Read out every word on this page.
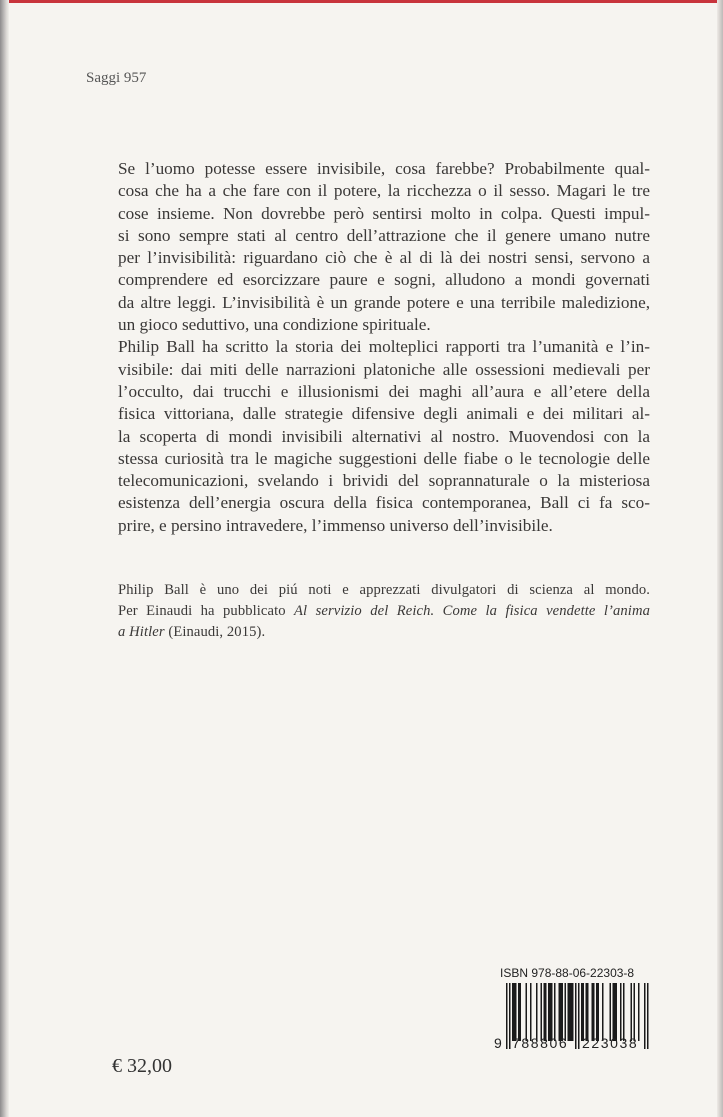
Saggi 957
Se l’uomo potesse essere invisibile, cosa farebbe? Probabilmente qual-
cosa che ha a che fare con il potere, la ricchezza o il sesso. Magari le tre
cose insieme. Non dovrebbe però sentirsi molto in colpa. Questi impul-
si sono sempre stati al centro dell’attrazione che il genere umano nutre
per l’invisibilità: riguardano ciò che è al di là dei nostri sensi, servono a
comprendere ed esorcizzare paure e sogni, alludono a mondi governati
da altre leggi. L’invisibilità è un grande potere e una terribile maledizione,
un gioco seduttivo, una condizione spirituale.
Philip Ball ha scritto la storia dei molteplici rapporti tra l’umanità e l’in-
visibile: dai miti delle narrazioni platoniche alle ossessioni medievali per
l’occulto, dai trucchi e illusionismi dei maghi all’aura e all’etere della
fisica vittoriana, dalle strategie difensive degli animali e dei militari al-
la scoperta di mondi invisibili alternativi al nostro. Muovendosi con la
stessa curiosità tra le magiche suggestioni delle fiabe o le tecnologie delle
telecomunicazioni, svelando i brividi del soprannaturale o la misteriosa
esistenza dell’energia oscura della fisica contemporanea, Ball ci fa sco-
prire, e persino intravedere, l’immenso universo dell’invisibile.
Philip Ball è uno dei piú noti e apprezzati divulgatori di scienza al mondo.
Per Einaudi ha pubblicato Al servizio del Reich. Come la fisica vendette l’anima
a Hitler (Einaudi, 2015).
€ 32,00
ISBN 978-88-06-22303-8
9 788806 223038
